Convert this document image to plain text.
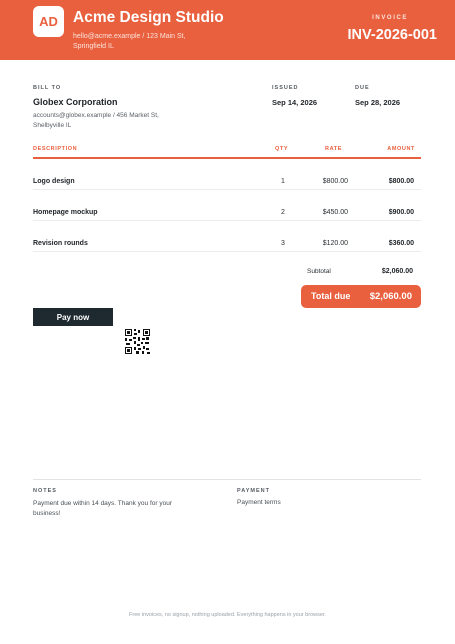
AD Acme Design Studio
hello@acme.example / 123 Main St, Springfield IL
INVOICE
INV-2026-001
BILL TO
Globex Corporation
accounts@globex.example / 456 Market St, Shelbyville IL
ISSUED
Sep 14, 2026
DUE
Sep 28, 2026
DESCRIPTION	QTY	RATE	AMOUNT
Logo design	1	$800.00	$800.00
Homepage mockup	2	$450.00	$900.00
Revision rounds	3	$120.00	$360.00
Subtotal	$2,060.00
Total due $2,060.00
Pay now
NOTES
Payment due within 14 days. Thank you for your business!
PAYMENT
Payment terms
Free invoices, no signup, nothing uploaded. Everything happens in your browser.
